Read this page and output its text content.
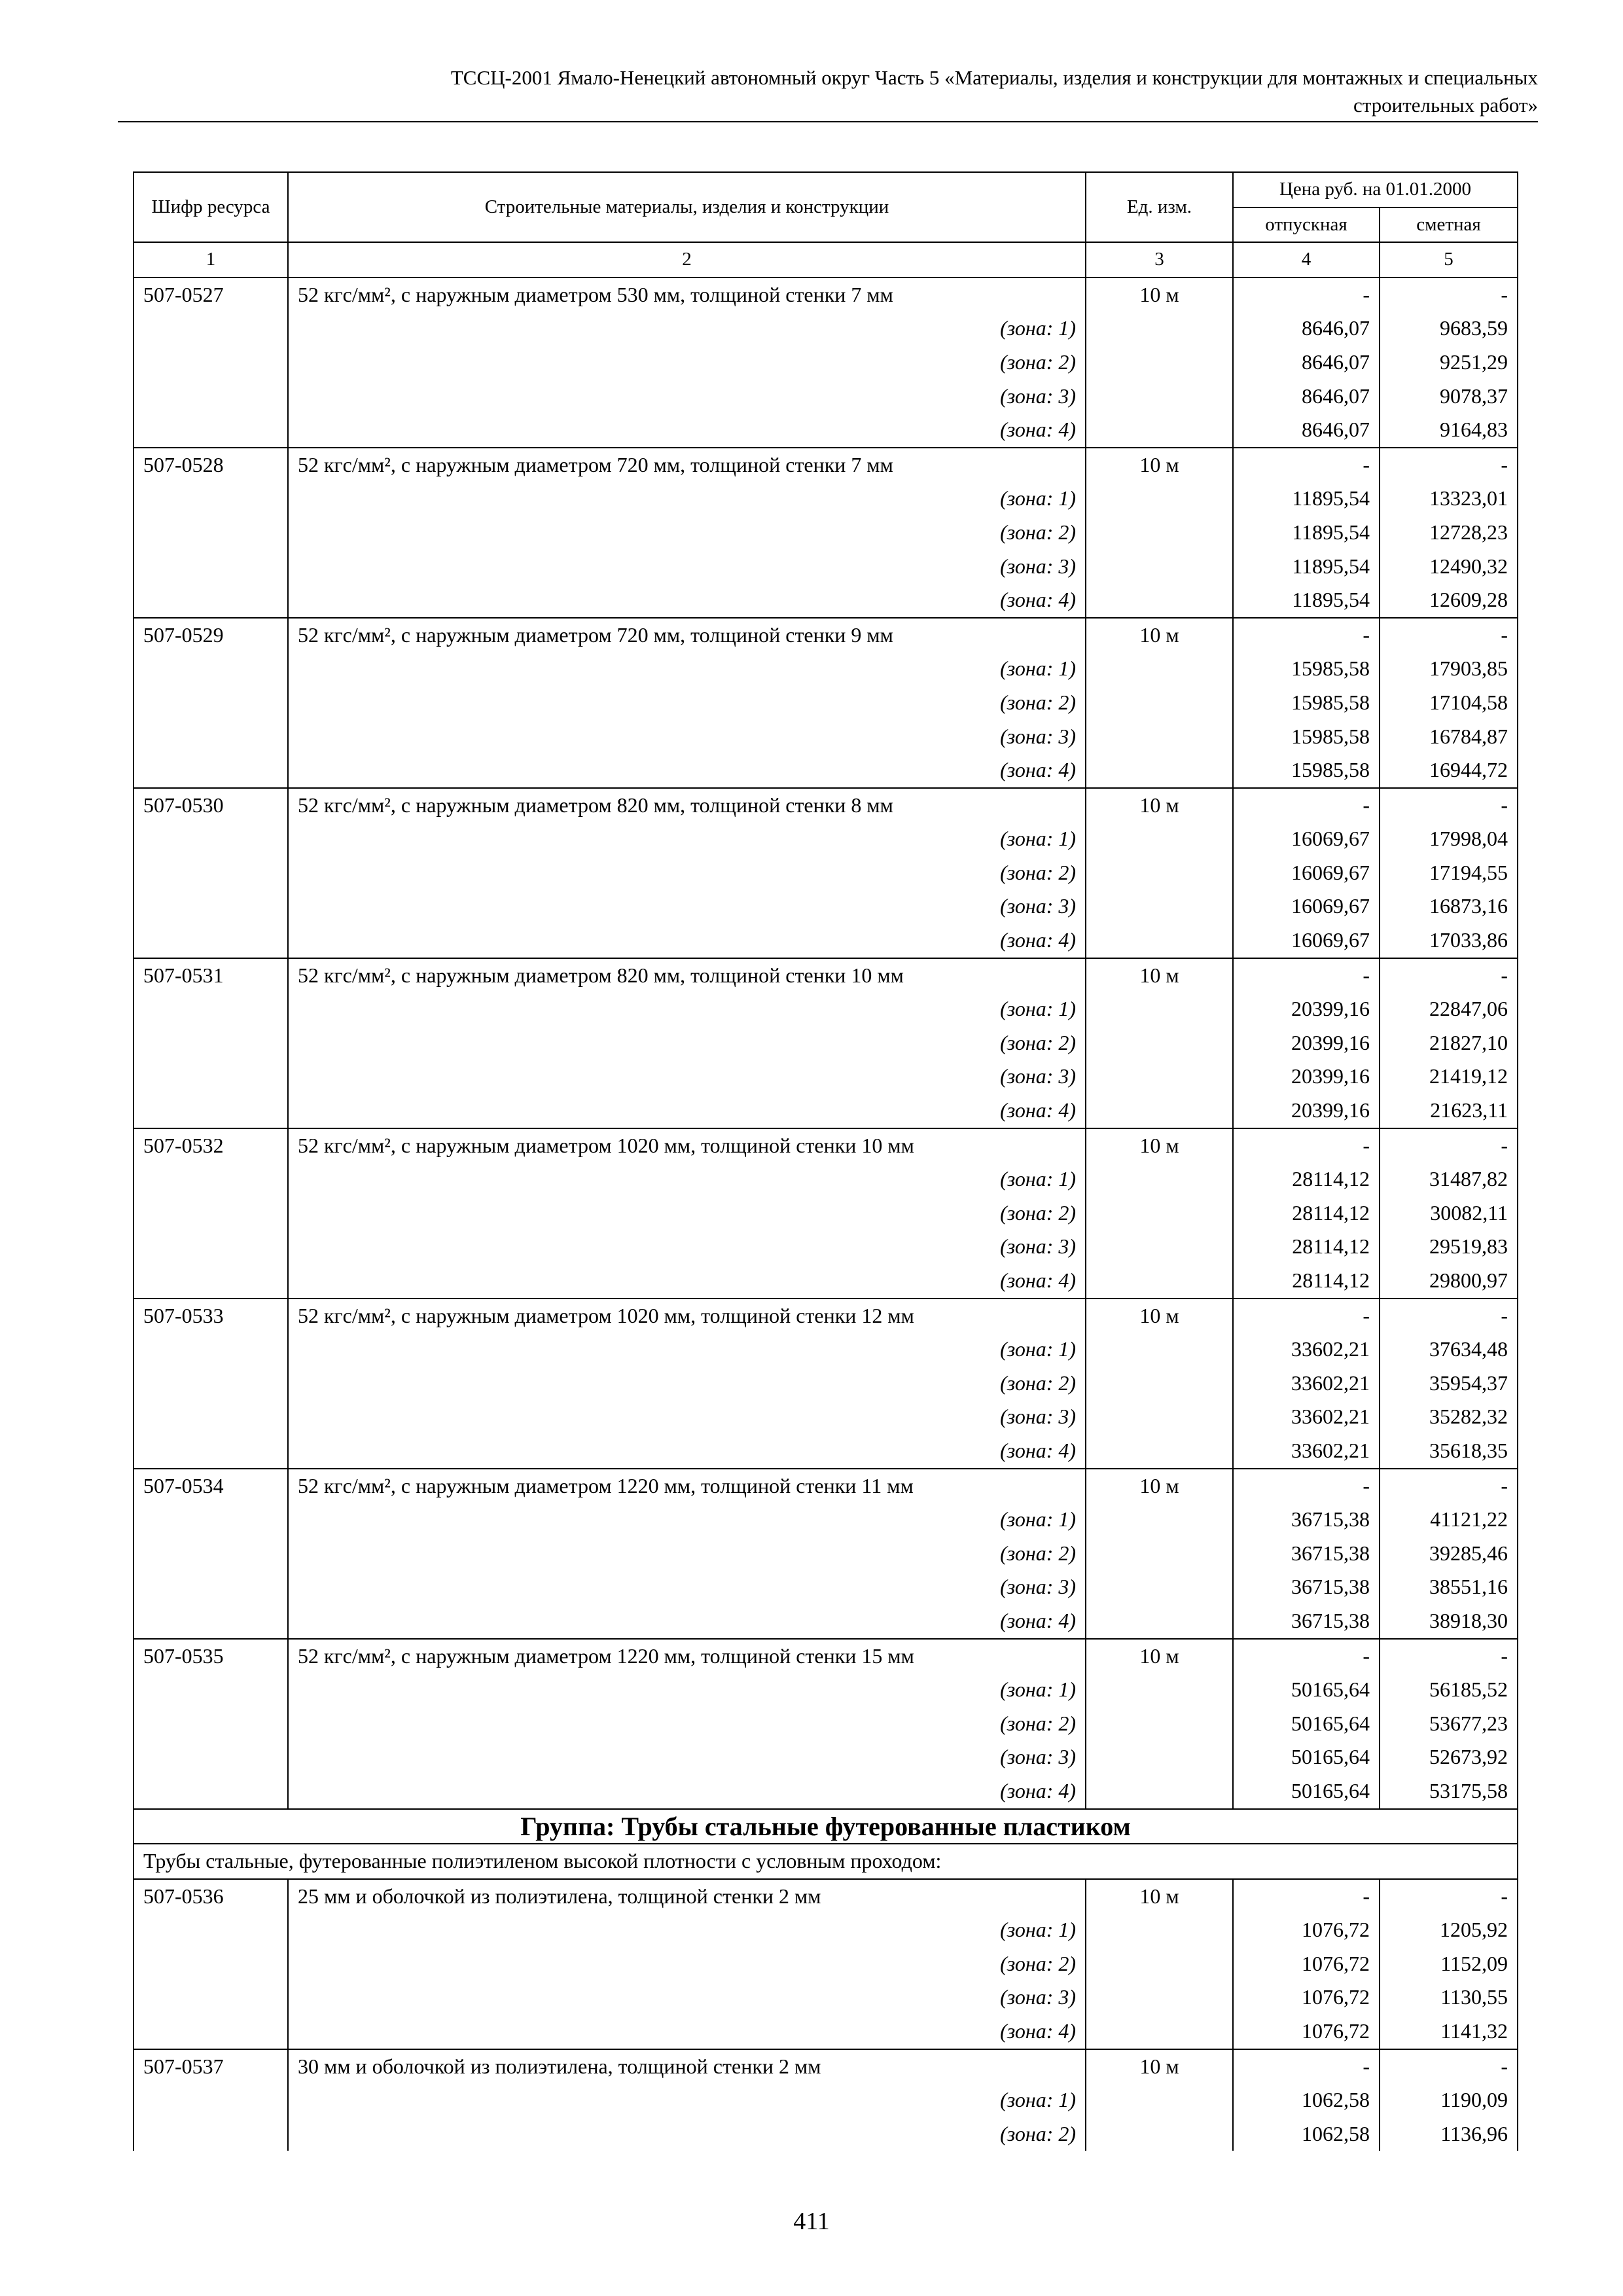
ТССЦ-2001 Ямало-Ненецкий автономный округ Часть 5 «Материалы, изделия и конструкции для монтажных и специальных
строительных работ»
Шифр ресурса	Строительные материалы, изделия и конструкции	Ед. изм.	Цена руб. на 01.01.2000	
			отпускная	сметная
1	2	3	4	5
507-0527	52 кгс/мм², с наружным диаметром 530 мм, толщиной стенки 7 мм	10 м	-	-
	(зона: 1)		8646,07	9683,59
	(зона: 2)		8646,07	9251,29
	(зона: 3)		8646,07	9078,37
	(зона: 4)		8646,07	9164,83
507-0528	52 кгс/мм², с наружным диаметром 720 мм, толщиной стенки 7 мм	10 м	-	-
	(зона: 1)		11895,54	13323,01
	(зона: 2)		11895,54	12728,23
	(зона: 3)		11895,54	12490,32
	(зона: 4)		11895,54	12609,28
507-0529	52 кгс/мм², с наружным диаметром 720 мм, толщиной стенки 9 мм	10 м	-	-
	(зона: 1)		15985,58	17903,85
	(зона: 2)		15985,58	17104,58
	(зона: 3)		15985,58	16784,87
	(зона: 4)		15985,58	16944,72
507-0530	52 кгс/мм², с наружным диаметром 820 мм, толщиной стенки 8 мм	10 м	-	-
	(зона: 1)		16069,67	17998,04
	(зона: 2)		16069,67	17194,55
	(зона: 3)		16069,67	16873,16
	(зона: 4)		16069,67	17033,86
507-0531	52 кгс/мм², с наружным диаметром 820 мм, толщиной стенки 10 мм	10 м	-	-
	(зона: 1)		20399,16	22847,06
	(зона: 2)		20399,16	21827,10
	(зона: 3)		20399,16	21419,12
	(зона: 4)		20399,16	21623,11
507-0532	52 кгс/мм², с наружным диаметром 1020 мм, толщиной стенки 10 мм	10 м	-	-
	(зона: 1)		28114,12	31487,82
	(зона: 2)		28114,12	30082,11
	(зона: 3)		28114,12	29519,83
	(зона: 4)		28114,12	29800,97
507-0533	52 кгс/мм², с наружным диаметром 1020 мм, толщиной стенки 12 мм	10 м	-	-
	(зона: 1)		33602,21	37634,48
	(зона: 2)		33602,21	35954,37
	(зона: 3)		33602,21	35282,32
	(зона: 4)		33602,21	35618,35
507-0534	52 кгс/мм², с наружным диаметром 1220 мм, толщиной стенки 11 мм	10 м	-	-
	(зона: 1)		36715,38	41121,22
	(зона: 2)		36715,38	39285,46
	(зона: 3)		36715,38	38551,16
	(зона: 4)		36715,38	38918,30
507-0535	52 кгс/мм², с наружным диаметром 1220 мм, толщиной стенки 15 мм	10 м	-	-
	(зона: 1)		50165,64	56185,52
	(зона: 2)		50165,64	53677,23
	(зона: 3)		50165,64	52673,92
	(зона: 4)		50165,64	53175,58
Группа: Трубы стальные футерованные пластиком				
Трубы стальные, футерованные полиэтиленом высокой плотности с условным проходом:				
507-0536	25 мм и оболочкой из полиэтилена, толщиной стенки 2 мм	10 м	-	-
	(зона: 1)		1076,72	1205,92
	(зона: 2)		1076,72	1152,09
	(зона: 3)		1076,72	1130,55
	(зона: 4)		1076,72	1141,32
507-0537	30 мм и оболочкой из полиэтилена, толщиной стенки 2 мм	10 м	-	-
	(зона: 1)		1062,58	1190,09
	(зона: 2)		1062,58	1136,96
411
